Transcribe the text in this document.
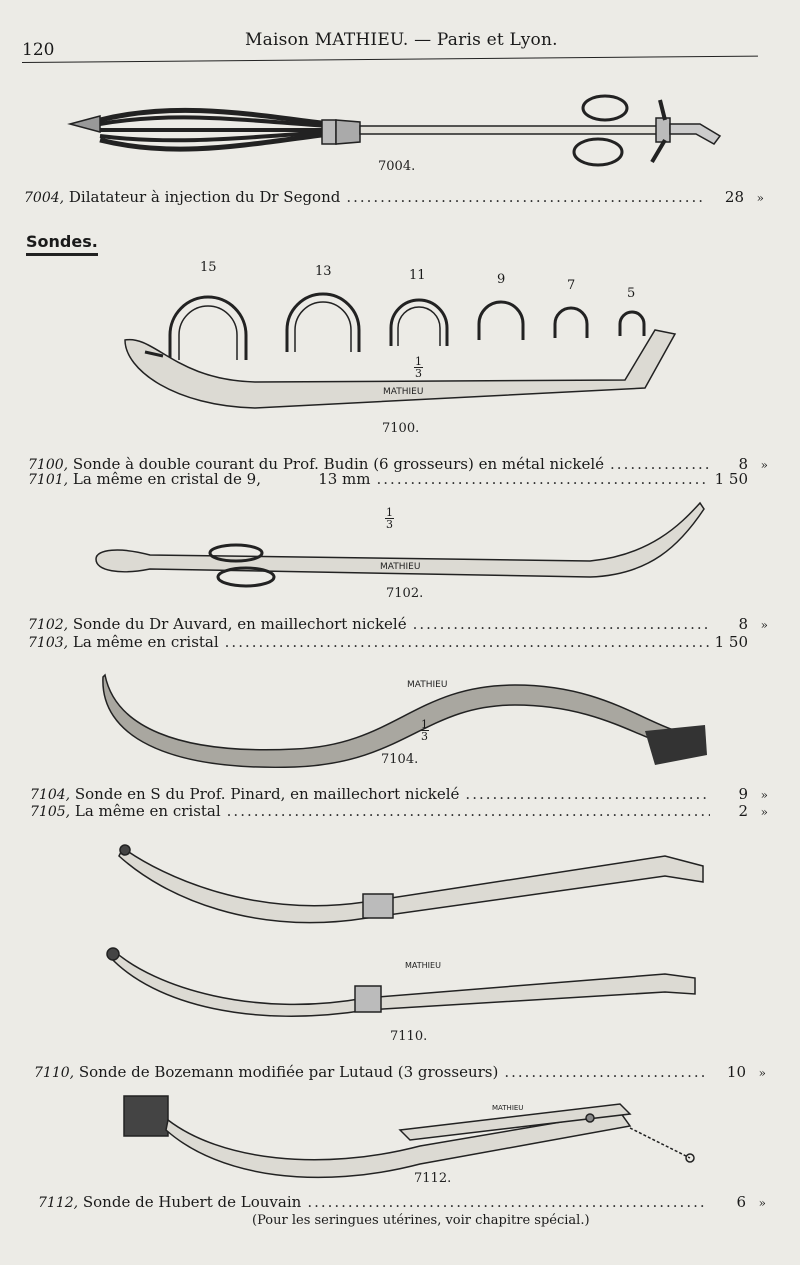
120	Maison MATHIEU. — Paris et Lyon.
7004.
7004,
Dilatateur à injection du Dr Segond .....	28	»
Sondes.
15	13	11	9	7
5
MATHIEU
7100.
$\frac{1}{3}$
7100,
Sonde à double courant du Prof. Budin (6 grosseurs) en métal nickelé .....	8	»
7101,
La même en cristal de 9,            13 mm .....	1 50
$\frac{1}{3}$
MATHIEU
7102.
7102,
Sonde du Dr Auvard, en maillechort nickelé .....	8	»
7103,
La même en cristal .....	1 50
MATHIEU
7104.
$\frac{1}{3}$
7104,
Sonde en S du Prof. Pinard, en maillechort nickelé .....	9	»
7105,
La même en cristal .....	2	»
MATHIEU
7110.
7110,
Sonde de Bozemann modifiée par Lutaud (3 grosseurs) .....	10	»
MATHIEU
7112.
7112,
Sonde de Hubert de Louvain .....	6	»
(Pour les seringues utérines, voir chapitre spécial.)
